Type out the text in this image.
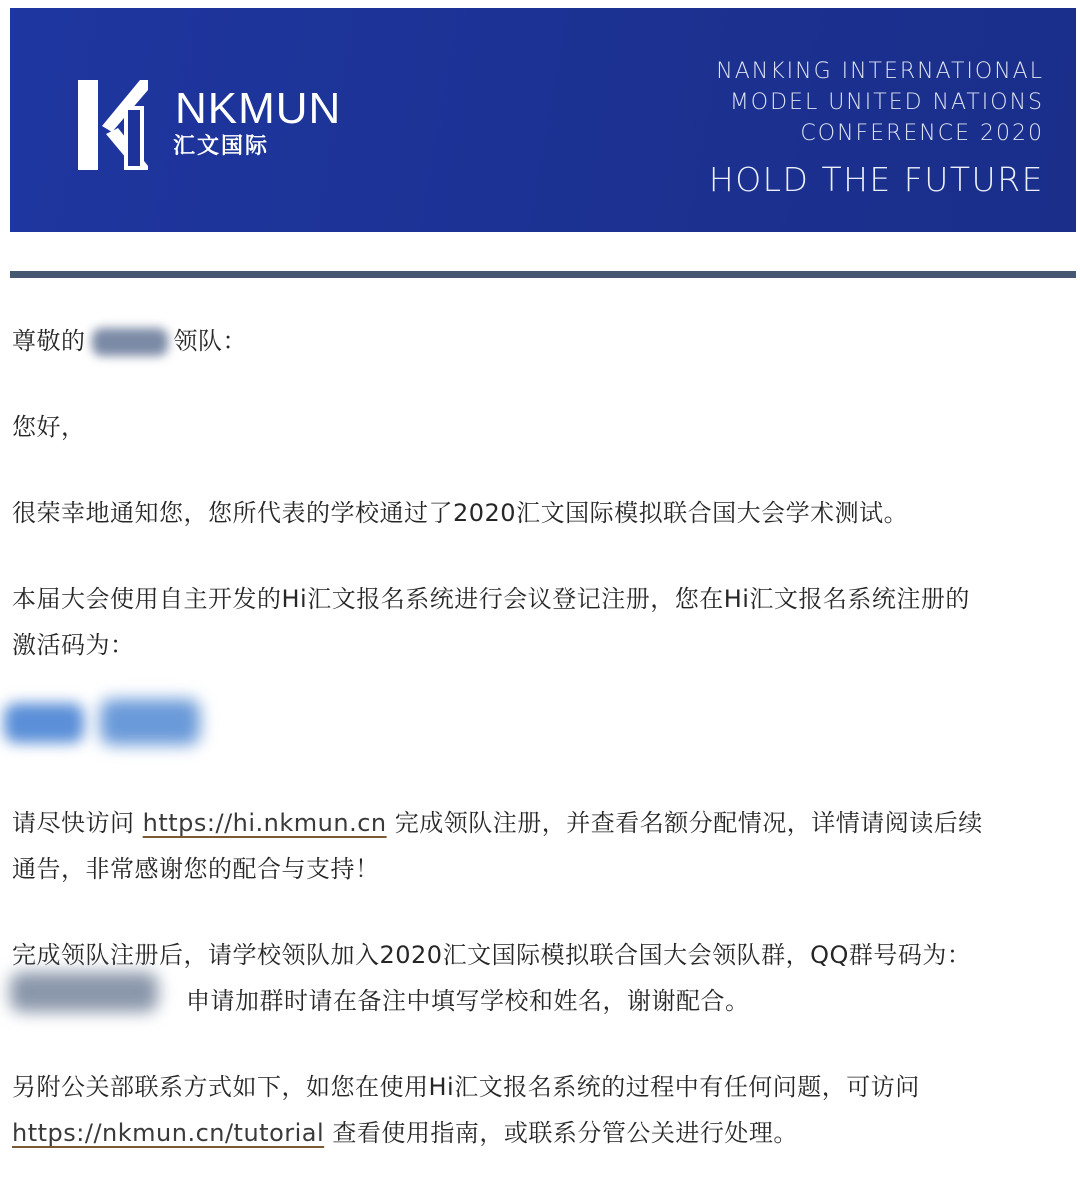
NKMUN
汇文国际
NANKING INTERNATIONAL
MODEL UNITED NATIONS
CONFERENCE 2020
HOLD THE FUTURE
尊敬的	领队：
您好，
很荣幸地通知您，您所代表的学校通过了2020汇文国际模拟联合国大会学术测试。
本届大会使用自主开发的Hi汇文报名系统进行会议登记注册，您在Hi汇文报名系统注册的
激活码为：
请尽快访问 https://hi.nkmun.cn 完成领队注册，并查看名额分配情况，详情请阅读后续
通告，非常感谢您的配合与支持！
完成领队注册后，请学校领队加入2020汇文国际模拟联合国大会领队群，QQ群号码为：
申请加群时请在备注中填写学校和姓名，谢谢配合。
另附公关部联系方式如下，如您在使用Hi汇文报名系统的过程中有任何问题，可访问
https://nkmun.cn/tutorial 查看使用指南，或联系分管公关进行处理。
